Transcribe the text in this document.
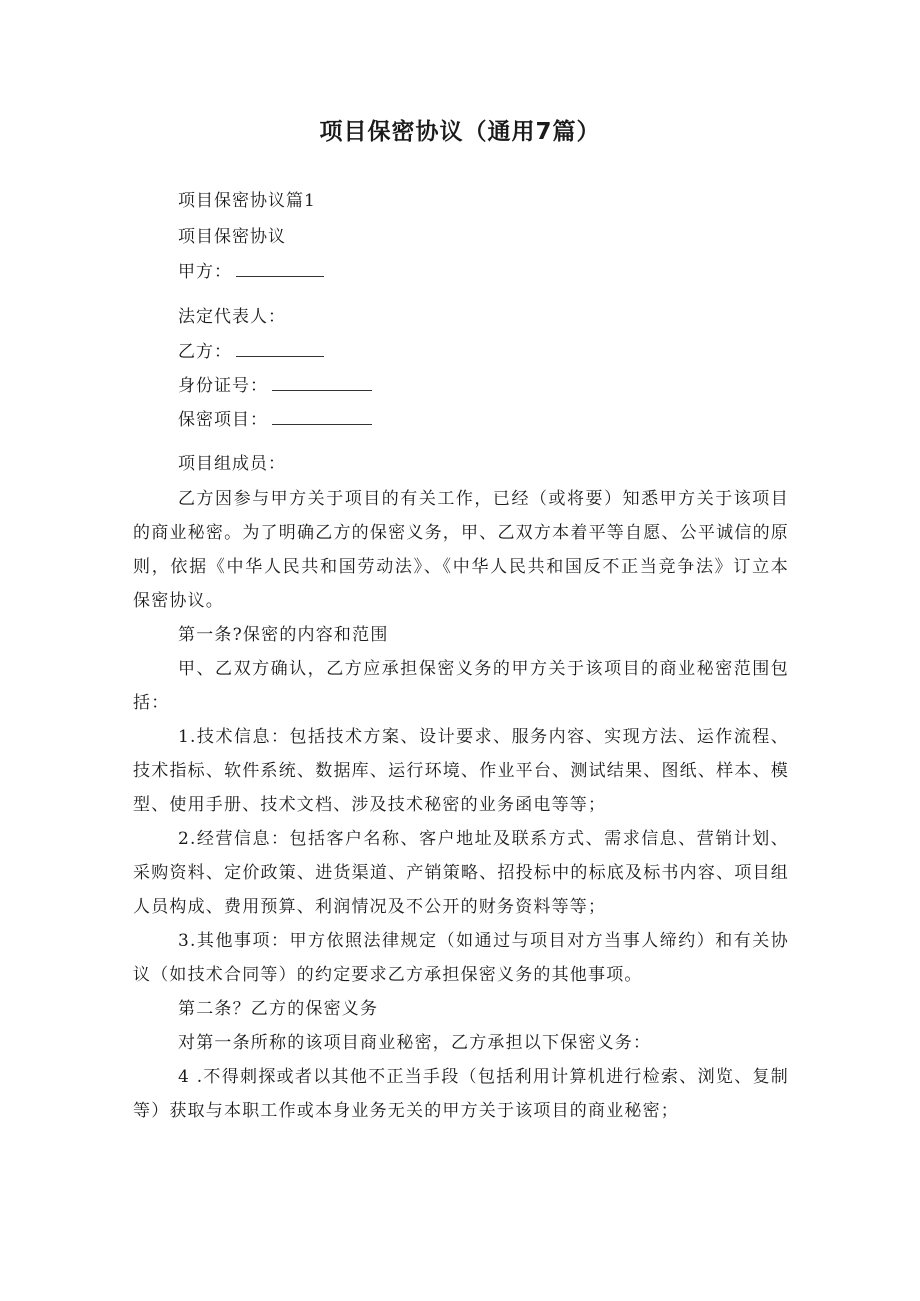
项目保密协议（通用7篇）
项目保密协议篇1
项目保密协议
甲方：
法定代表人：
乙方：
身份证号：
保密项目：
项目组成员：
乙方因参与甲方关于项目的有关工作，已经（或将要）知悉甲方关于该项目的商业秘密。为了明确乙方的保密义务，甲、乙双方本着平等自愿、公平诚信的原则，依据《中华人民共和国劳动法》、《中华人民共和国反不正当竞争法》订立本保密协议。
第一条?保密的内容和范围
甲、乙双方确认，乙方应承担保密义务的甲方关于该项目的商业秘密范围包括：
1.技术信息：包括技术方案、设计要求、服务内容、实现方法、运作流程、技术指标、软件系统、数据库、运行环境、作业平台、测试结果、图纸、样本、模型、使用手册、技术文档、涉及技术秘密的业务函电等等；
2.经营信息：包括客户名称、客户地址及联系方式、需求信息、营销计划、采购资料、定价政策、进货渠道、产销策略、招投标中的标底及标书内容、项目组人员构成、费用预算、利润情况及不公开的财务资料等等；
3.其他事项：甲方依照法律规定（如通过与项目对方当事人缔约）和有关协议（如技术合同等）的约定要求乙方承担保密义务的其他事项。
第二条？乙方的保密义务
对第一条所称的该项目商业秘密，乙方承担以下保密义务：
4 .不得刺探或者以其他不正当手段（包括利用计算机进行检索、浏览、复制等）获取与本职工作或本身业务无关的甲方关于该项目的商业秘密；
